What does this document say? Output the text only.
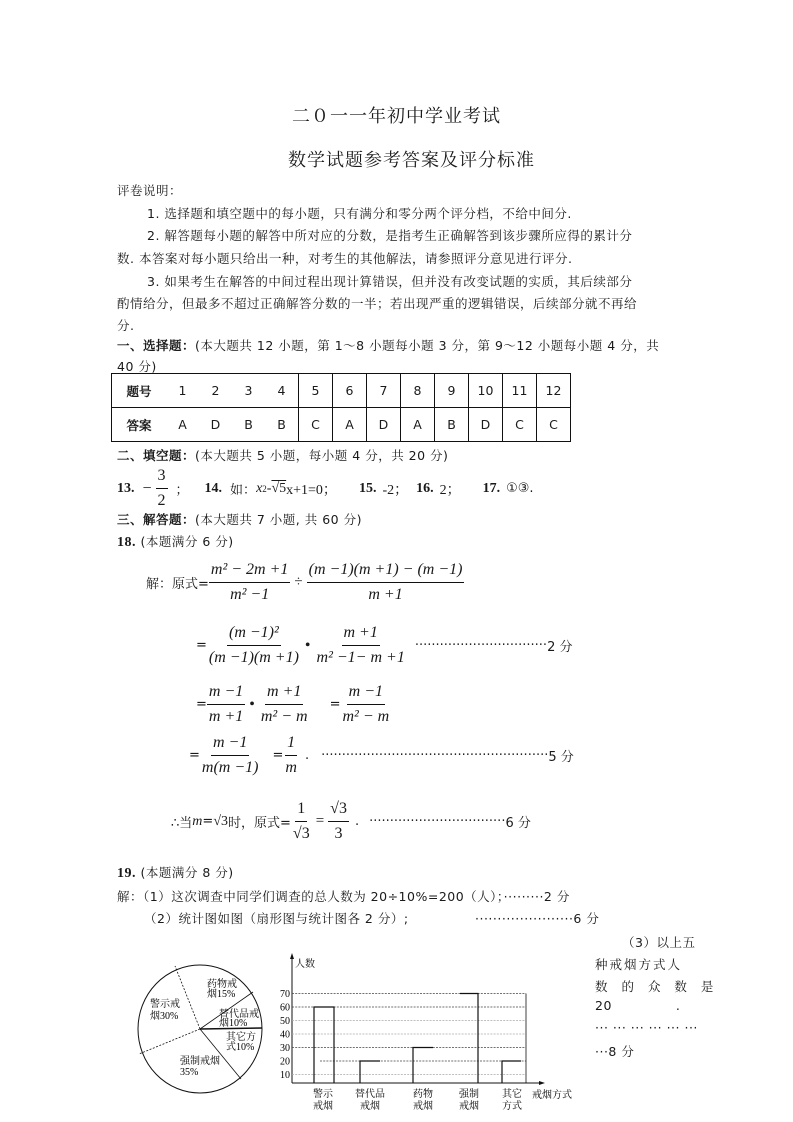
二０一一年初中学业考试
数学试题参考答案及评分标准
评卷说明：
1. 选择题和填空题中的每小题，只有满分和零分两个评分档，不给中间分.
2. 解答题每小题的解答中所对应的分数，是指考生正确解答到该步骤所应得的累计分
数. 本答案对每小题只给出一种，对考生的其他解法，请参照评分意见进行评分.
3. 如果考生在解答的中间过程出现计算错误，但并没有改变试题的实质，其后续部分
酌情给分，但最多不超过正确解答分数的一半；若出现严重的逻辑错误，后续部分就不再给
分.
一、选择题：(本大题共 12 小题，第 1～8 小题每小题 3 分，第 9～12 小题每小题 4 分，共
40 分)
题号	1	2	3	4	5	6	7	8	9	10	11	12
答案	A	D	B	B	C	A	D	A	B	D	C	C
二、填空题：(本大题共 5 小题，每小题 4 分，共 20 分)
13. − $\frac{3}{2}$ ； 14. 如： x 2 - √5 x+1=0； 15. -2； 16. 2； 17. ①③.
三、解答题：(本大题共 7 小题, 共 60 分)
18. (本题满分 6 分)
解：原式= $\frac{\text{m² − 2m +1}}{\text{m² −1}} \div \frac{(m -1)(m +1) - (m -1)}{m +1}$
= $\frac{\text{(m −1)²}}{(m -1)(m +1)}$ • $\frac{m +1}{\text{m² −1− m +1}}$ ································ 2 分
= $\frac{m -1}{m +1}$ • $\frac{m +1}{\text{m² − m}} = \frac{m -1}{\text{m² − m}}$
= $\frac{m -1}{m(m -1)} = \frac{1}{m}$ . ······················································· 5 分
∴当 m = √3 时，原式= $\frac{1}{√3} = \frac{√3}{3}$ . ································· 6 分
19. (本题满分 8 分)
解：（1）这次调查中同学们调查的总人数为 20÷10%=200（人）；·········2 分
（2）统计图如图（扇形图与统计图各 2 分）;	······················6 分
（3）以上五
种戒烟方式人
数 的 众 数 是
20	.
··· ··· ··· ··· ··· ···
···8 分
药物戒
烟15%
替代品戒
烟10%
其它方
式10%
强制戒烟
35%
警示戒
烟30%
人数
戒烟方式
70
60
50
40
30
20
10
警示
戒烟
替代品
戒烟
药物
戒烟
强制
戒烟
其它
方式
